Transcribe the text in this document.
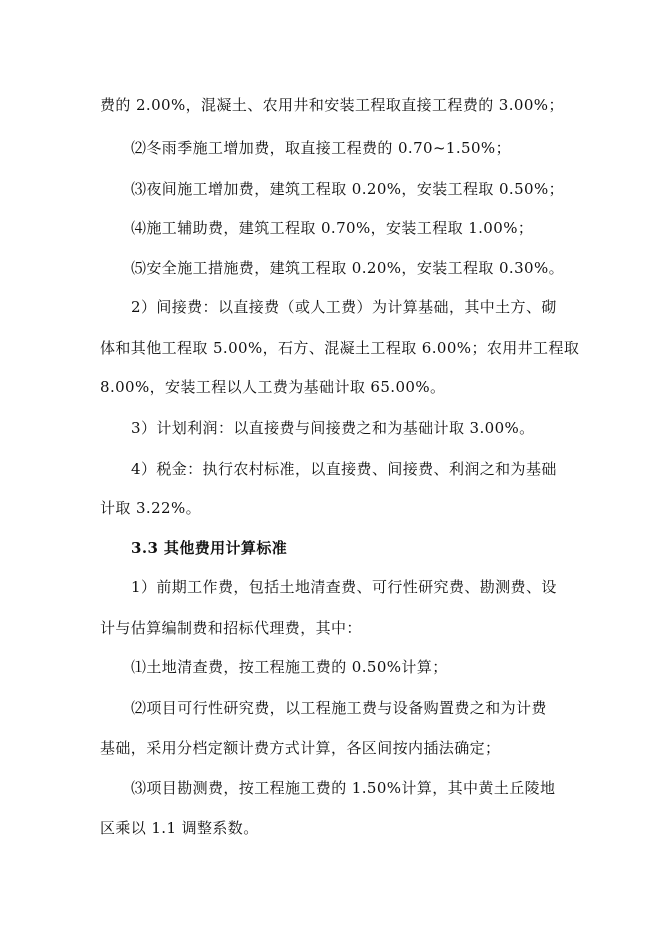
费的 2.00%，混凝土、农用井和安装工程取直接工程费的 3.00%；
⑵冬雨季施工增加费，取直接工程费的 0.70~1.50%；
⑶夜间施工增加费，建筑工程取 0.20%，安装工程取 0.50%；
⑷施工辅助费，建筑工程取 0.70%，安装工程取 1.00%；
⑸安全施工措施费，建筑工程取 0.20%，安装工程取 0.30%。
2）间接费：以直接费（或人工费）为计算基础，其中土方、砌
体和其他工程取 5.00%，石方、混凝土工程取 6.00%；农用井工程取
8.00%，安装工程以人工费为基础计取 65.00%。
3）计划利润：以直接费与间接费之和为基础计取 3.00%。
4）税金：执行农村标准，以直接费、间接费、利润之和为基础
计取 3.22%。
3.3 其他费用计算标准
1）前期工作费，包括土地清查费、可行性研究费、勘测费、设
计与估算编制费和招标代理费，其中：
⑴土地清查费，按工程施工费的 0.50%计算；
⑵项目可行性研究费，以工程施工费与设备购置费之和为计费
基础，采用分档定额计费方式计算，各区间按内插法确定；
⑶项目勘测费，按工程施工费的 1.50%计算，其中黄土丘陵地
区乘以 1.1 调整系数。
